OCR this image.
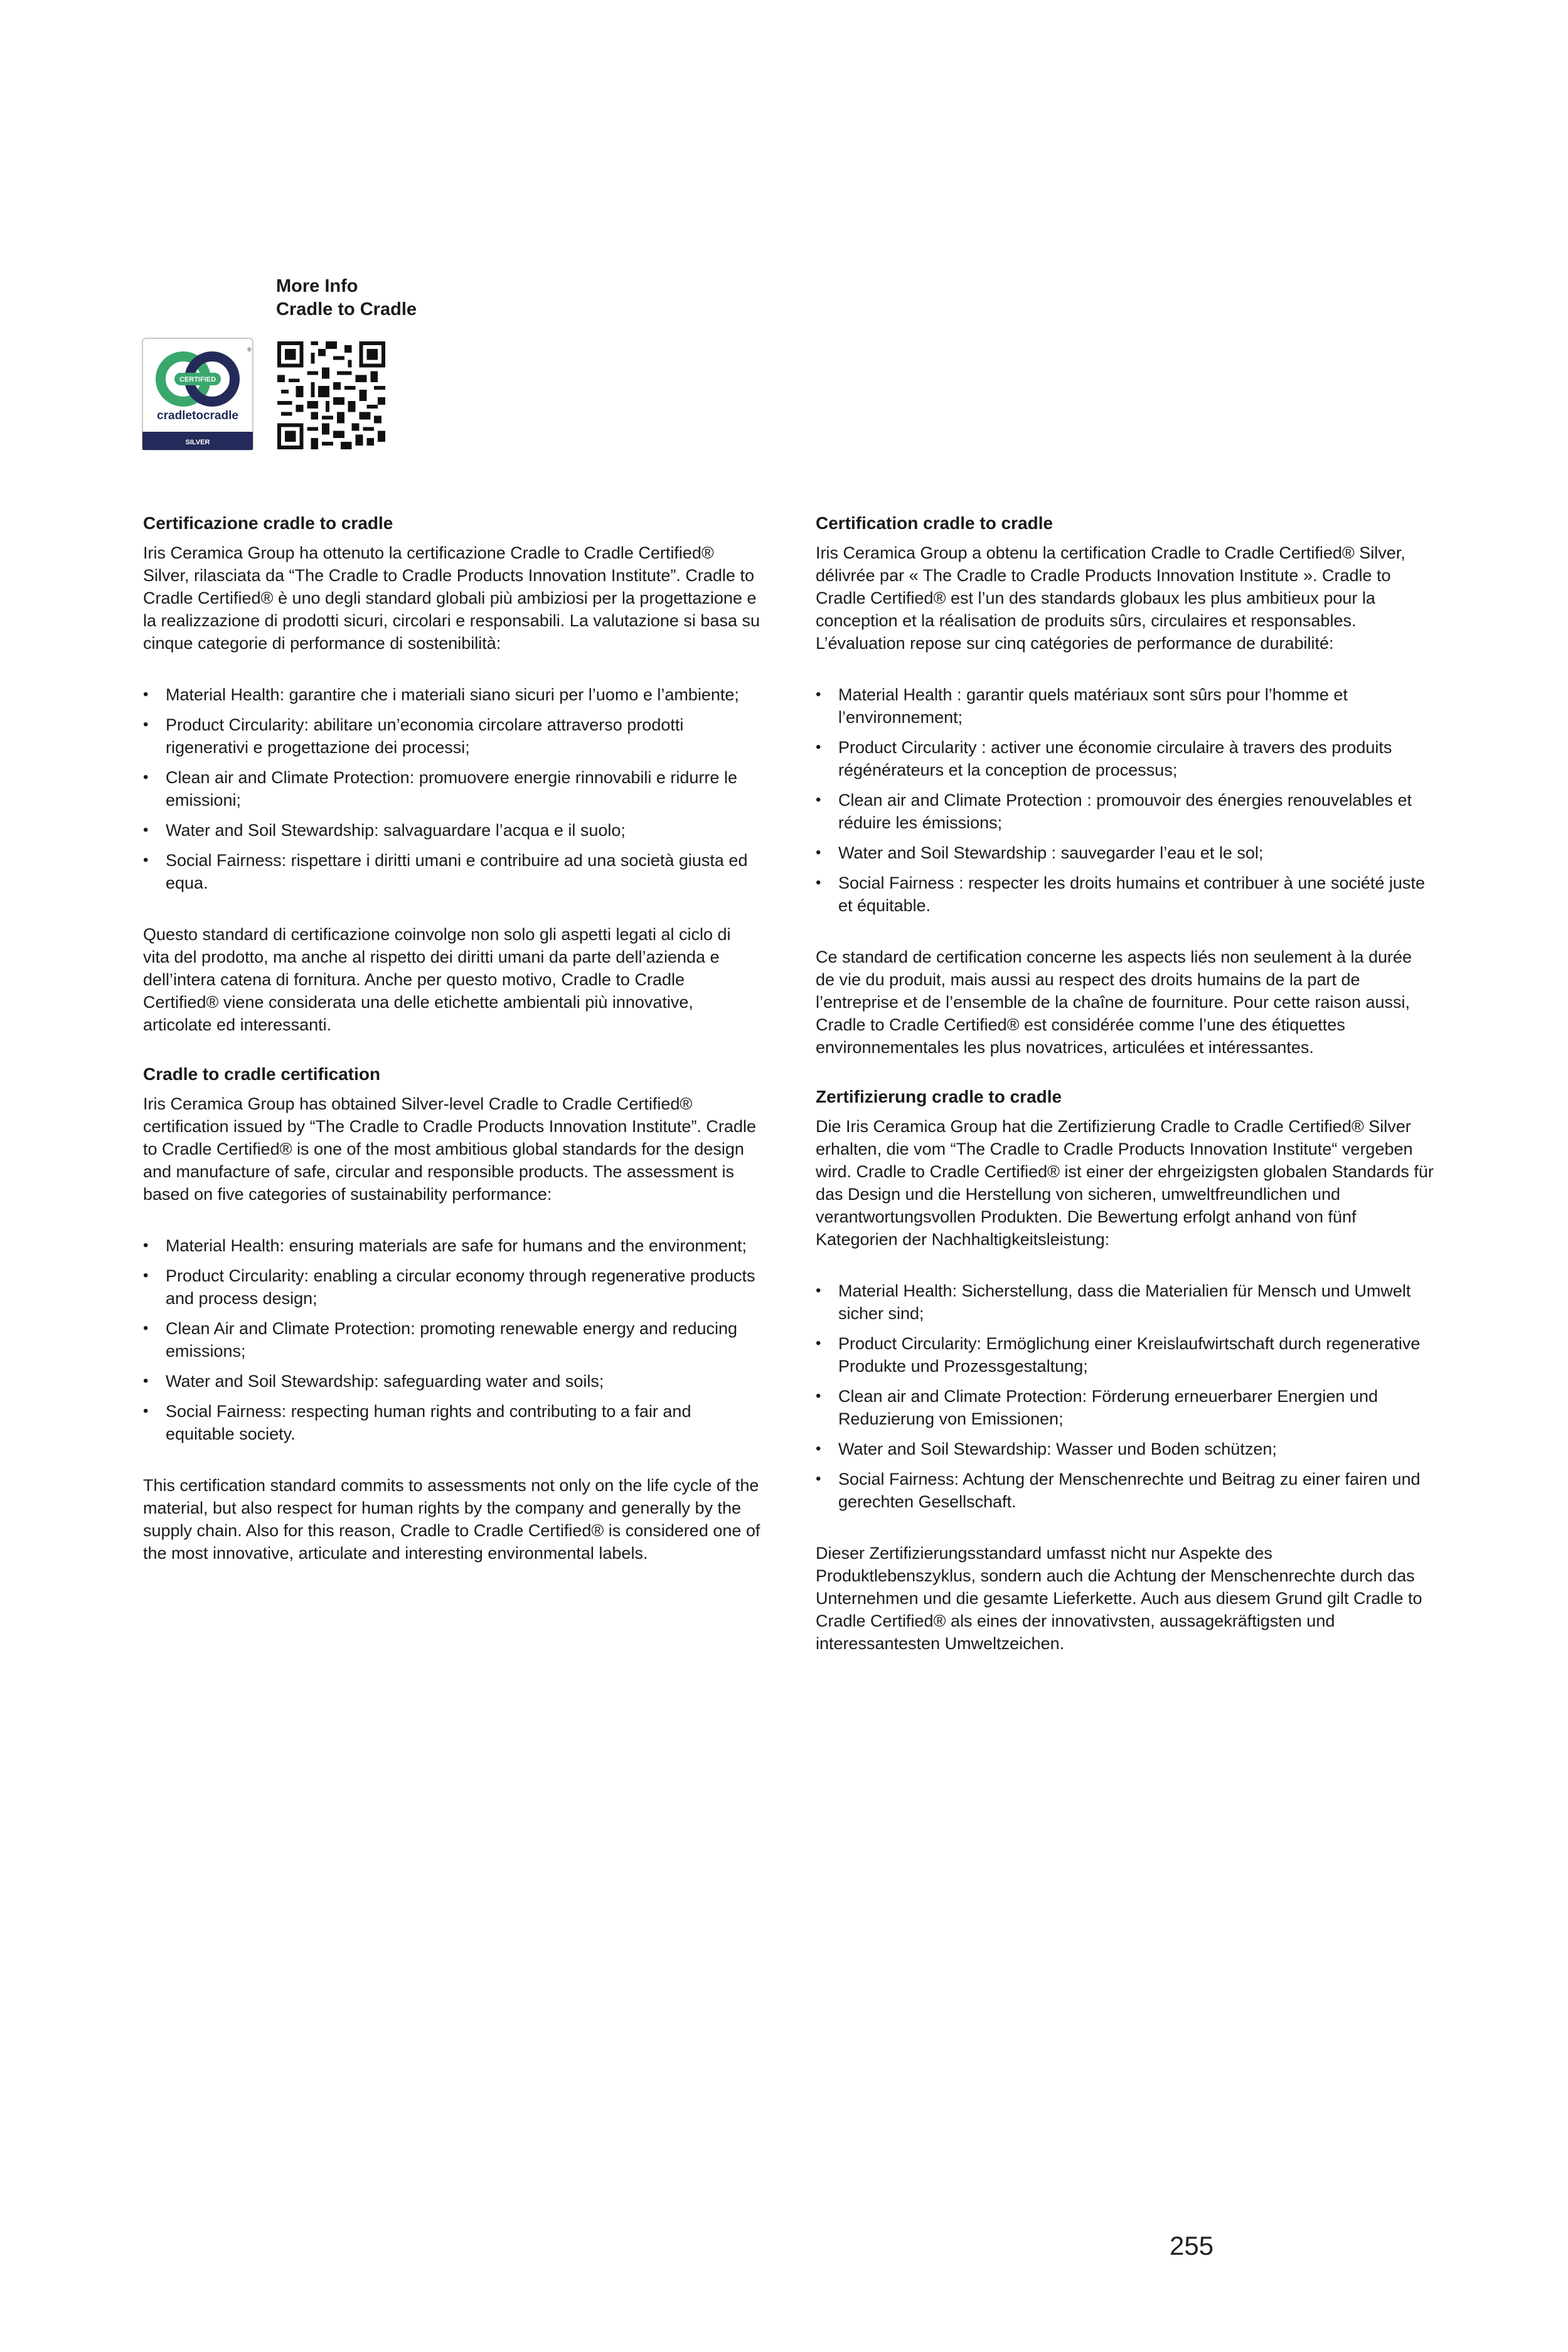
More Info
Cradle to Cradle
CERTIFIED
®
cradletocradle
SILVER
Certificazione cradle to cradle

Iris Ceramica Group ha ottenuto la certificazione Cradle to Cradle Certified® Silver, rilasciata da “The Cradle to Cradle Products Innovation Institute”. Cradle to Cradle Certified® è uno degli standard globali più ambiziosi per la progettazione e la realizzazione di prodotti sicuri, circolari e responsabili. La valutazione si basa su cinque categorie di performance di sostenibilità:

• Material Health: garantire che i materiali siano sicuri per l’uomo e l’ambiente;
• Product Circularity: abilitare un’economia circolare attraverso prodotti rigenerativi e progettazione dei processi;
• Clean air and Climate Protection: promuovere energie rinnovabili e ridurre le emissioni;
• Water and Soil Stewardship: salvaguardare l’acqua e il suolo;
• Social Fairness: rispettare i diritti umani e contribuire ad una società giusta ed equa.

Questo standard di certificazione coinvolge non solo gli aspetti legati al ciclo di vita del prodotto, ma anche al rispetto dei diritti umani da parte dell’azienda e dell’intera catena di fornitura. Anche per questo motivo, Cradle to Cradle Certified® viene considerata una delle etichette ambientali più innovative, articolate ed interessanti.

Cradle to cradle certification

Iris Ceramica Group has obtained Silver-level Cradle to Cradle Certified® certification issued by “The Cradle to Cradle Products Innovation Institute”. Cradle to Cradle Certified® is one of the most ambitious global standards for the design and manufacture of safe, circular and responsible products. The assessment is based on five categories of sustainability performance:

• Material Health: ensuring materials are safe for humans and the environment;
• Product Circularity: enabling a circular economy through regenerative products and process design;
• Clean Air and Climate Protection: promoting renewable energy and reducing emissions;
• Water and Soil Stewardship: safeguarding water and soils;
• Social Fairness: respecting human rights and contributing to a fair and equitable society.

This certification standard commits to assessments not only on the life cycle of the material, but also respect for human rights by the company and generally by the supply chain. Also for this reason, Cradle to Cradle Certified® is considered one of the most innovative, articulate and interesting environmental labels.

Certification cradle to cradle

Iris Ceramica Group a obtenu la certification Cradle to Cradle Certified® Silver, délivrée par « The Cradle to Cradle Products Innovation Institute ». Cradle to Cradle Certified® est l’un des standards globaux les plus ambitieux pour la conception et la réalisation de produits sûrs, circulaires et responsables. L’évaluation repose sur cinq catégories de performance de durabilité:

• Material Health : garantir quels matériaux sont sûrs pour l’homme et l’environnement;
• Product Circularity : activer une économie circulaire à travers des produits régénérateurs et la conception de processus;
• Clean air and Climate Protection : promouvoir des énergies renouvelables et réduire les émissions;
• Water and Soil Stewardship : sauvegarder l’eau et le sol;
• Social Fairness : respecter les droits humains et contribuer à une société juste et équitable.

Ce standard de certification concerne les aspects liés non seulement à la durée de vie du produit, mais aussi au respect des droits humains de la part de l’entreprise et de l’ensemble de la chaîne de fourniture. Pour cette raison aussi, Cradle to Cradle Certified® est considérée comme l’une des étiquettes environnementales les plus novatrices, articulées et intéressantes.

Zertifizierung cradle to cradle

Die Iris Ceramica Group hat die Zertifizierung Cradle to Cradle Certified® Silver erhalten, die vom “The Cradle to Cradle Products Innovation Institute“ vergeben wird. Cradle to Cradle Certified® ist einer der ehrgeizigsten globalen Standards für das Design und die Herstellung von sicheren, umweltfreundlichen und verantwortungsvollen Produkten. Die Bewertung erfolgt anhand von fünf Kategorien der Nachhaltigkeitsleistung:

• Material Health: Sicherstellung, dass die Materialien für Mensch und Umwelt sicher sind;
• Product Circularity: Ermöglichung einer Kreislaufwirtschaft durch regenerative Produkte und Prozessgestaltung;
• Clean air and Climate Protection: Förderung erneuerbarer Energien und Reduzierung von Emissionen;
• Water and Soil Stewardship: Wasser und Boden schützen;
• Social Fairness: Achtung der Menschenrechte und Beitrag zu einer fairen und gerechten Gesellschaft.

Dieser Zertifizierungsstandard umfasst nicht nur Aspekte des Produktlebenszyklus, sondern auch die Achtung der Menschenrechte durch das Unternehmen und die gesamte Lieferkette. Auch aus diesem Grund gilt Cradle to Cradle Certified® als eines der innovativsten, aussagekräftigsten und interessantesten Umweltzeichen.

255
